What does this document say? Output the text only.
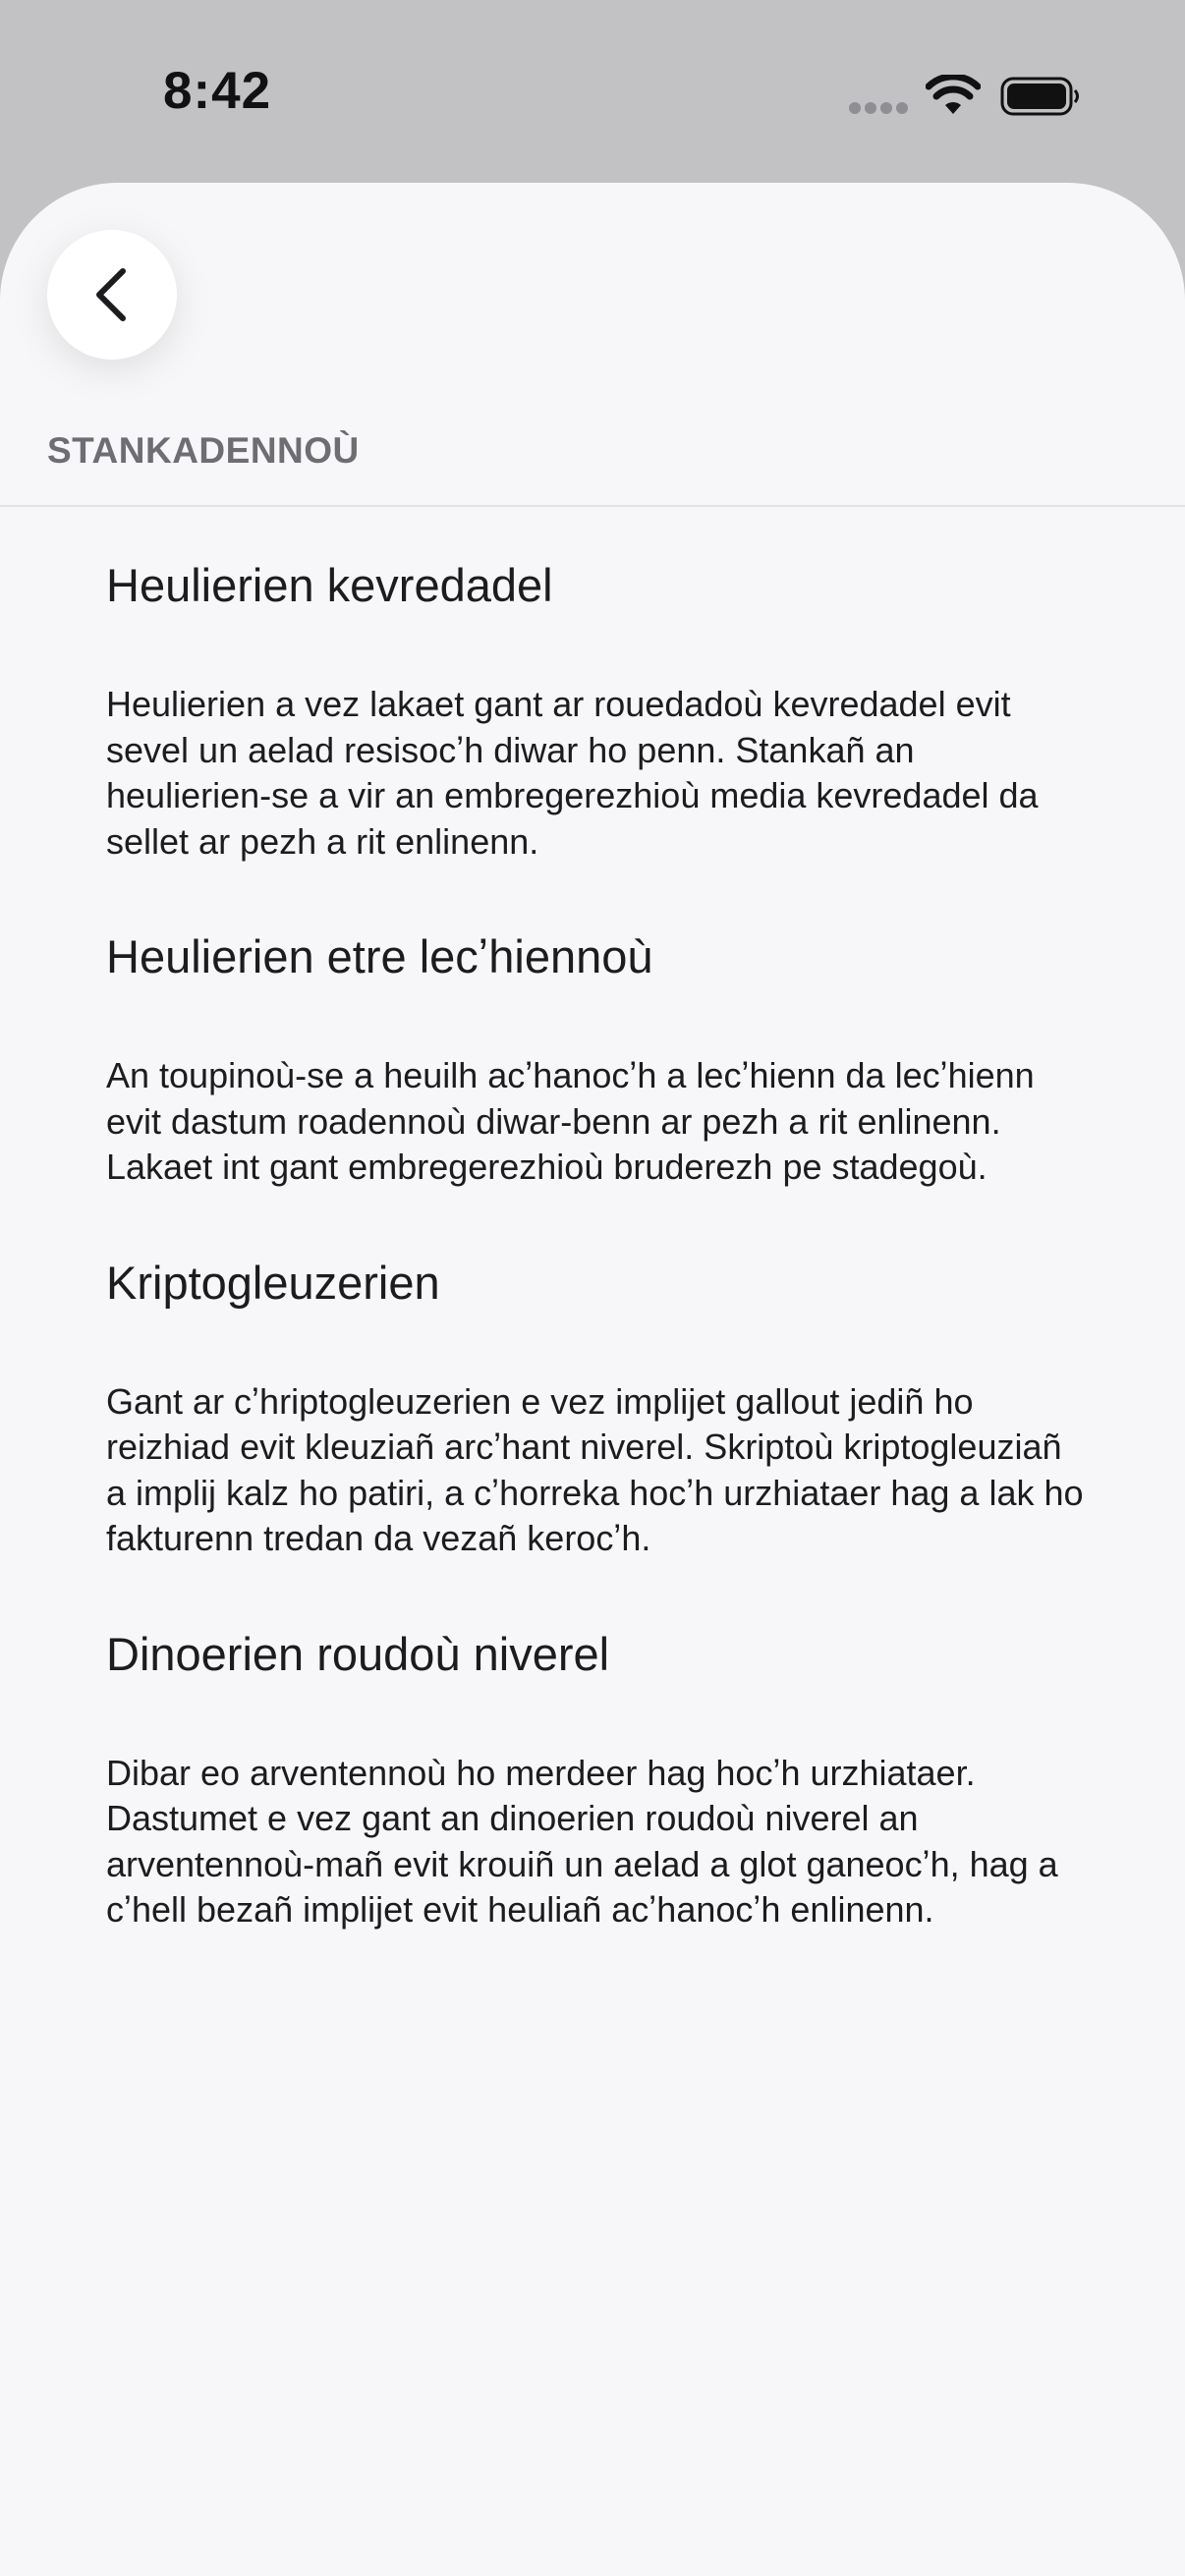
8:42
STANKADENNOÙ
Heulierien kevredadel
Heulierien a vez lakaet gant ar rouedadoù kevredadel evit sevel un aelad resisocʼh diwar ho penn. Stankañ an heulierien-se a vir an embregerezhioù media kevredadel da sellet ar pezh a rit enlinenn.
Heulierien etre lecʼhiennoù
An toupinoù-se a heuilh acʼhanocʼh a lecʼhienn da lecʼhienn evit dastum roadennoù diwar-benn ar pezh a rit enlinenn. Lakaet int gant embregerezhioù bruderezh pe stadegoù.
Kriptogleuzerien
Gant ar cʼhriptogleuzerien e vez implijet gallout jediñ ho reizhiad evit kleuziañ arcʼhant niverel. Skriptoù kriptogleuziañ a implij kalz ho patiri, a cʼhorreka hocʼh urzhiataer hag a lak ho fakturenn tredan da vezañ kerocʼh.
Dinoerien roudoù niverel
Dibar eo arventennoù ho merdeer hag hocʼh urzhiataer. Dastumet e vez gant an dinoerien roudoù niverel an arventennoù-mañ evit krouiñ un aelad a glot ganeocʼh, hag a cʼhell bezañ implijet evit heuliañ acʼhanocʼh enlinenn.
